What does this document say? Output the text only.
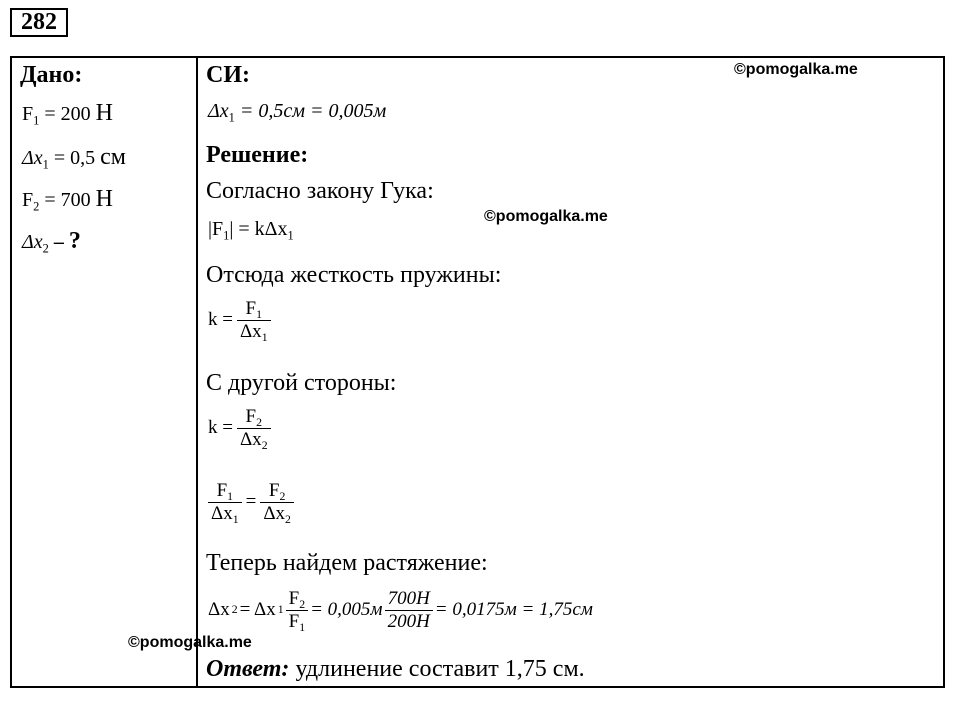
282
Дано:
$F_1 = 200$ Н
$\Delta x_1 = 0,5$ см
$F_2 = 700$ Н
$\Delta x_2$ – ?
СИ:
$\Delta x_1 = 0,5см = 0,005м$
Решение:
Согласно закону Гука:
$|F_1| = k\Delta x_1$
Отсюда жесткость пружины:
$k = \frac{F_1}{\Delta x_1}$
С другой стороны:
$k = \frac{F_2}{\Delta x_2}$
$\frac{F_1}{\Delta x_1} = \frac{F_2}{\Delta x_2}$
Теперь найдем растяжение:
Δx 2 = Δx $1 \frac{F_2}{F_1} = 0,005м \frac{700Н}{200Н} = 0,0175м = 1,75см$
Ответ: удлинение составит 1,75 см.
©pomogalka.me
©pomogalka.me
©pomogalka.me
